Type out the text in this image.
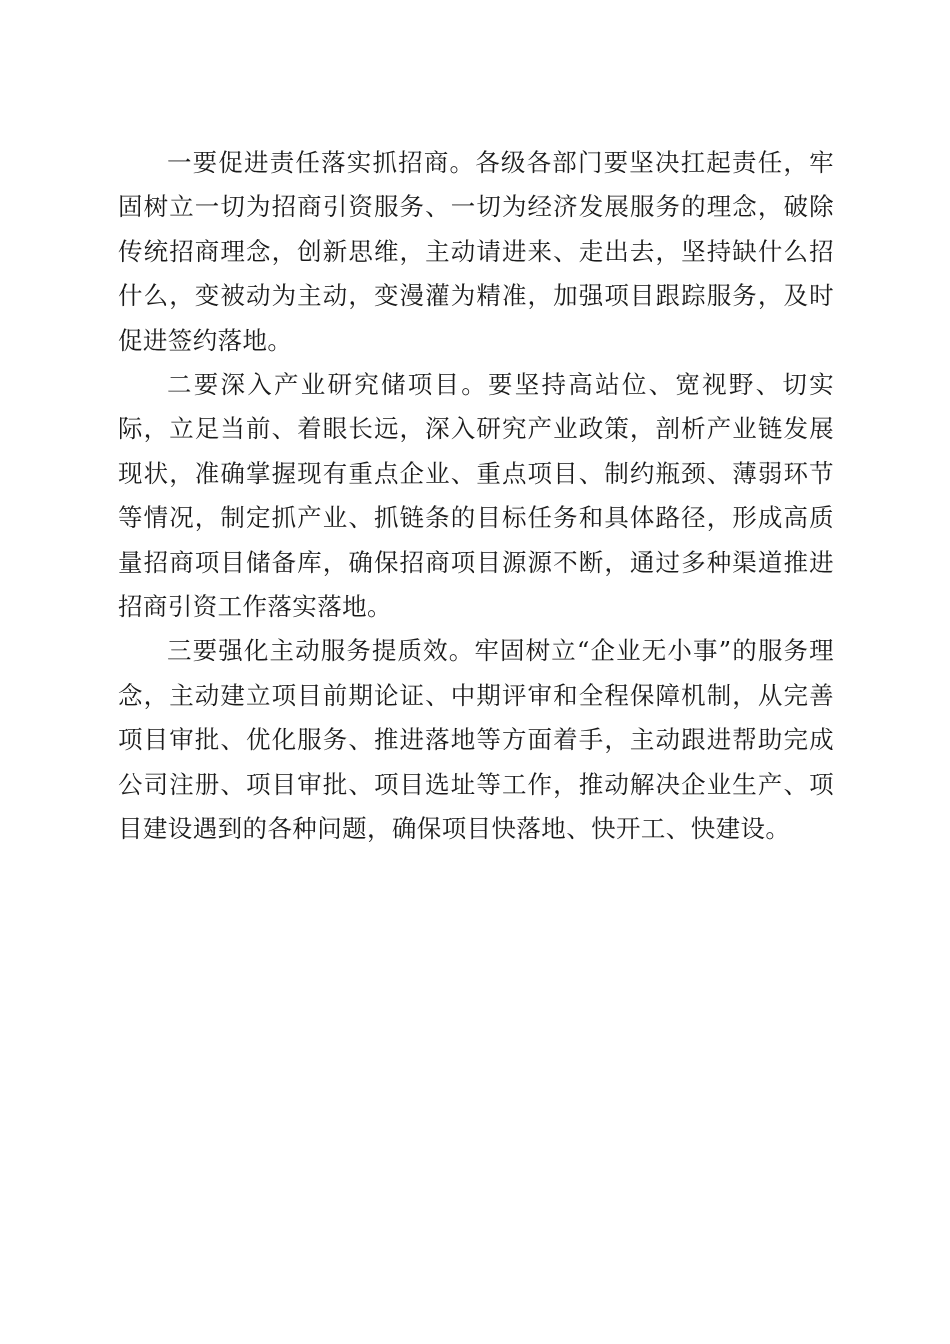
一要促进责任落实抓招商。各级各部门要坚决扛起责任，牢固树立一切为招商引资服务、一切为经济发展服务的理念，破除传统招商理念，创新思维，主动请进来、走出去，坚持缺什么招什么，变被动为主动，变漫灌为精准，加强项目跟踪服务，及时促进签约落地。

二要深入产业研究储项目。要坚持高站位、宽视野、切实际，立足当前、着眼长远，深入研究产业政策，剖析产业链发展现状，准确掌握现有重点企业、重点项目、制约瓶颈、薄弱环节等情况，制定抓产业、抓链条的目标任务和具体路径，形成高质量招商项目储备库，确保招商项目源源不断，通过多种渠道推进招商引资工作落实落地。

三要强化主动服务提质效。牢固树立“企业无小事”的服务理念，主动建立项目前期论证、中期评审和全程保障机制，从完善项目审批、优化服务、推进落地等方面着手，主动跟进帮助完成公司注册、项目审批、项目选址等工作，推动解决企业生产、项目建设遇到的各种问题，确保项目快落地、快开工、快建设。
